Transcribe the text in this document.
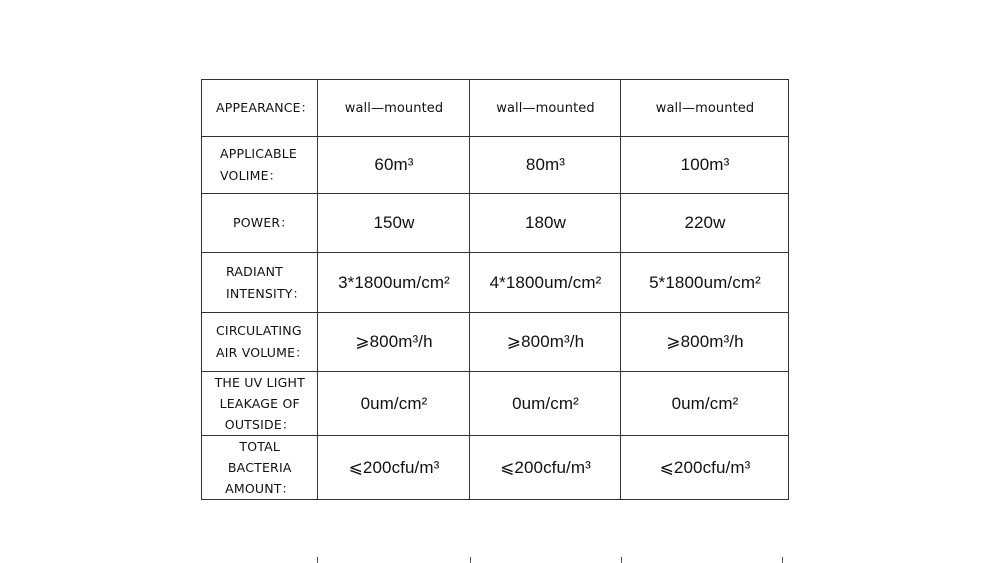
APPEARANCE：	wall—mounted	wall—mounted	wall—mounted
APPLICABLE
VOLIME：	60m³	80m³	100m³
POWER：	150w	180w	220w
RADIANT
INTENSITY：	3*1800um/cm²	4*1800um/cm²	5*1800um/cm²
CIRCULATING
AIR VOLUME：	⩾800m³/h	⩾800m³/h	⩾800m³/h
THE UV LIGHT
LEAKAGE OF
OUTSIDE：	0um/cm²	0um/cm²	0um/cm²
TOTAL
BACTERIA
AMOUNT：	⩽200cfu/m³	⩽200cfu/m³	⩽200cfu/m³
